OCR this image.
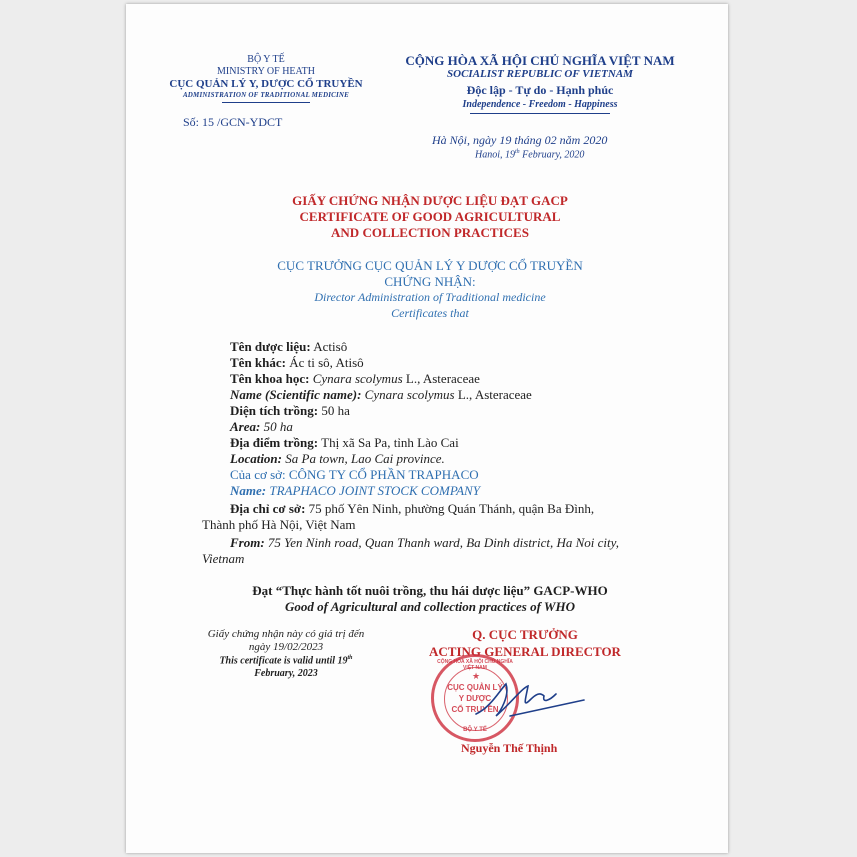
BỘ Y TẾ
MINISTRY OF HEATH
CỤC QUẢN LÝ Y, DƯỢC CỔ TRUYỀN
ADMINISTRATION OF TRADITIONAL MEDICINE
Số: 15 /GCN-YDCT
CỘNG HÒA XÃ HỘI CHỦ NGHĨA VIỆT NAM
SOCIALIST REPUBLIC OF VIETNAM
Độc lập - Tự do - Hạnh phúc
Independence - Freedom - Happiness
Hà Nội, ngày 19 tháng 02 năm 2020
Hanoi, 19th February, 2020
GIẤY CHỨNG NHẬN DƯỢC LIỆU ĐẠT GACP
CERTIFICATE OF GOOD AGRICULTURAL
AND COLLECTION PRACTICES
CỤC TRƯỞNG CỤC QUẢN LÝ Y DƯỢC CỔ TRUYỀN
CHỨNG NHẬN:
Director Administration of Traditional medicine
Certificates that
Tên dược liệu: Actisô
Tên khác: Ác ti sô, Atisô
Tên khoa học: Cynara scolymus L., Asteraceae
Name (Scientific name): Cynara scolymus L., Asteraceae
Diện tích trồng: 50 ha
Area: 50 ha
Địa điểm trồng: Thị xã Sa Pa, tỉnh Lào Cai
Location: Sa Pa town, Lao Cai province.
Của cơ sở: CÔNG TY CỔ PHẦN TRAPHACO
Name: TRAPHACO JOINT STOCK COMPANY
Địa chỉ cơ sở: 75 phố Yên Ninh, phường Quán Thánh, quận Ba Đình,
Thành phố Hà Nội, Việt Nam
From: 75 Yen Ninh road, Quan Thanh ward, Ba Dinh district, Ha Noi city,
Vietnam
Đạt “Thực hành tốt nuôi trồng, thu hái dược liệu” GACP-WHO
Good of Agricultural and collection practices of WHO
Giấy chứng nhận này có giá trị đến
ngày 19/02/2023
This certificate is valid until 19th
February, 2023
Q. CỤC TRƯỞNG
ACTING GENERAL DIRECTOR
CỘNG HÒA XÃ HỘI CHỦ NGHĨA VIỆT NAM
CỤC QUẢN LÝ
Y DƯỢC
CỔ TRUYỀN
BỘ Y TẾ
★
Nguyễn Thế Thịnh
